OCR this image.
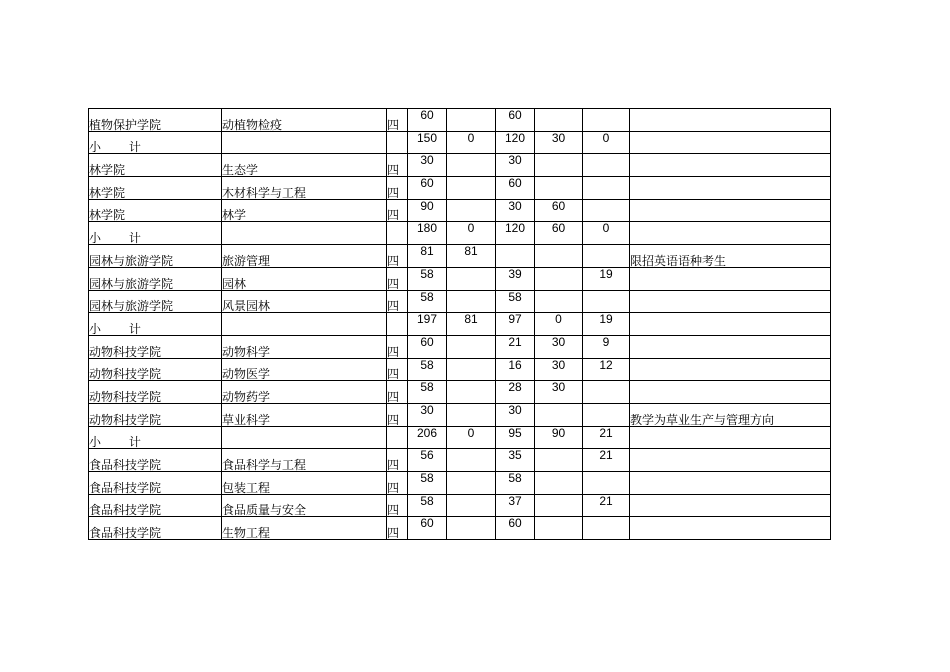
植物保护学院	动植物检疫	四	60		60			
小 计			150	0	120	30	0	
林学院	生态学	四	30		30			
林学院	木材科学与工程	四	60		60			
林学院	林学	四	90		30	60		
小 计			180	0	120	60	0	
园林与旅游学院	旅游管理	四	81	81				限招英语语种考生
园林与旅游学院	园林	四	58		39		19	
园林与旅游学院	风景园林	四	58		58			
小 计			197	81	97	0	19	
动物科技学院	动物科学	四	60		21	30	9	
动物科技学院	动物医学	四	58		16	30	12	
动物科技学院	动物药学	四	58		28	30		
动物科技学院	草业科学	四	30		30			教学为草业生产与管理方向
小 计			206	0	95	90	21	
食品科技学院	食品科学与工程	四	56		35		21	
食品科技学院	包装工程	四	58		58			
食品科技学院	食品质量与安全	四	58		37		21	
食品科技学院	生物工程	四	60		60			
